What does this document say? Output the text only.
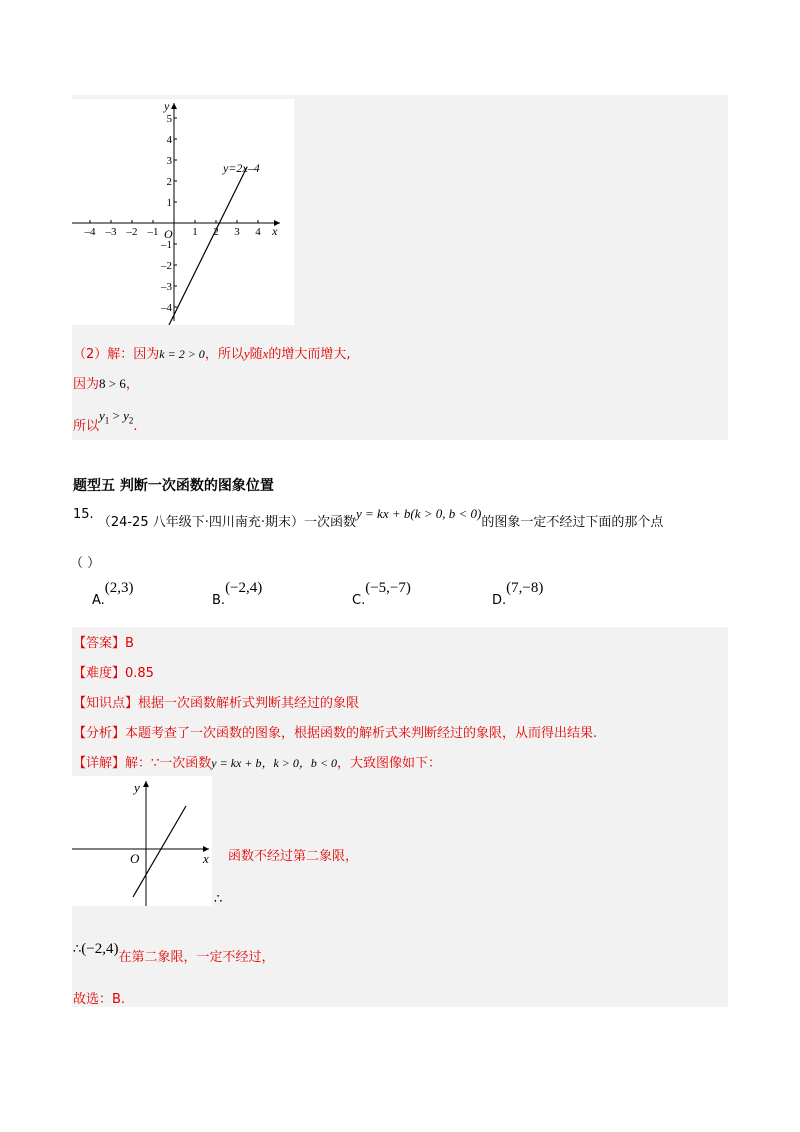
y
x
O
y=2x–4
–4 –3 –2 –1	1 2 3 4
5
4
3
2
1
–1
–2
–3
–4
（2）解：因为k = 2 > 0，所以y随x的增大而增大,
因为8 > 6，
所以$y_1 > y_2$.
题型五 判断一次函数的图象位置
15. （24-25 八年级下·四川南充·期末）一次函数y = kx + b(k > 0, b < 0)的图象一定不经过下面的那个点
（ ）
A.(2,3)
B.(−2,4)
C.(−5,−7)
D.(7,−8)
【答案】B
【难度】0.85
【知识点】根据一次函数解析式判断其经过的象限
【分析】本题考查了一次函数的图象，根据函数的解析式来判断经过的象限，从而得出结果.
【详解】解：∵一次函数y = kx + b，k > 0，b < 0，大致图像如下：
y
x
O	函数不经过第二象限，
∴
∴(−2,4)在第二象限，一定不经过，
故选：B.
